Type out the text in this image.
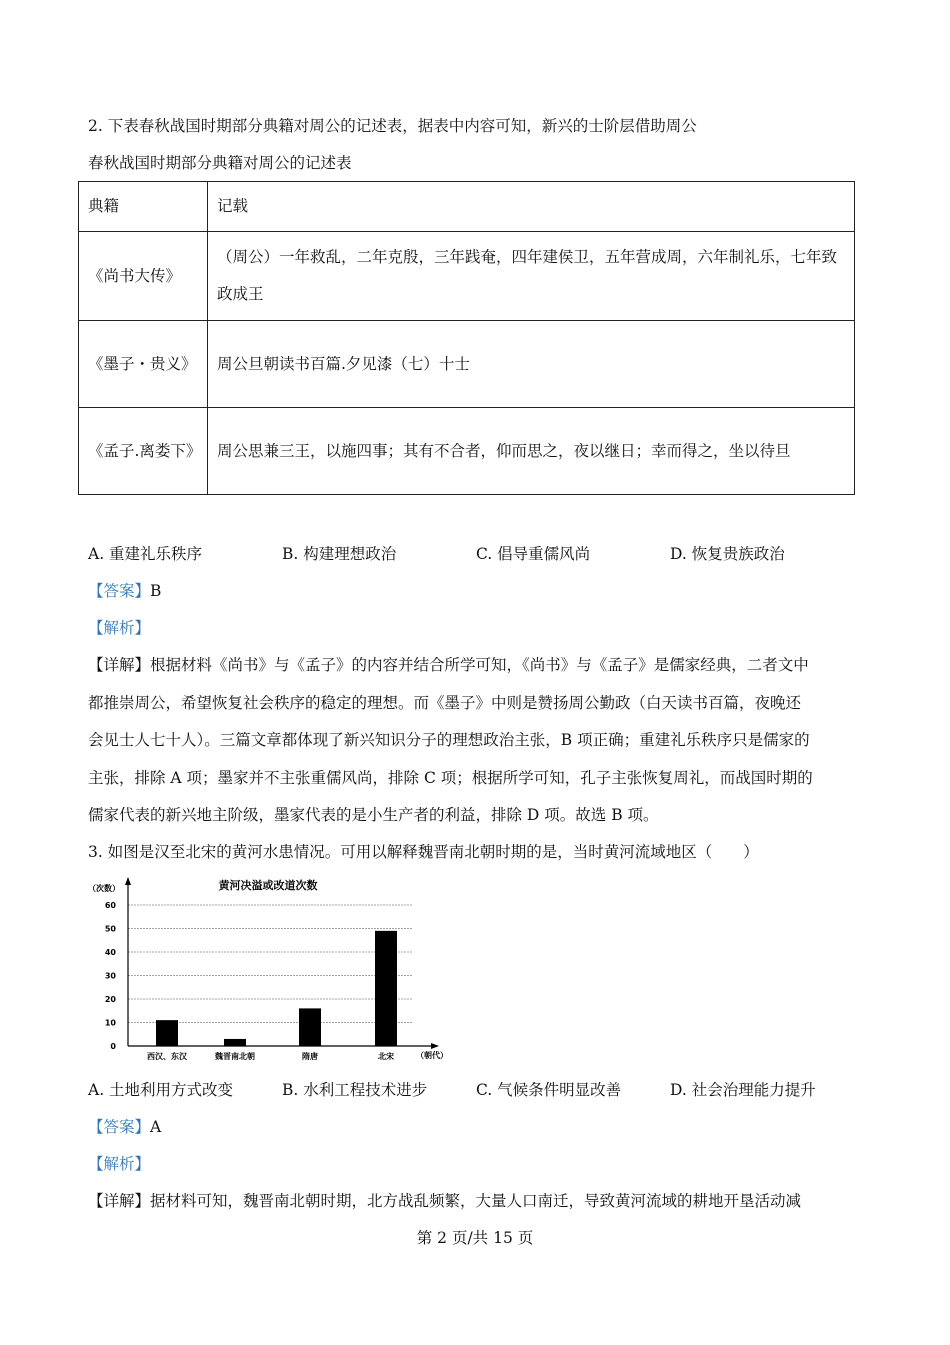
2. 下表春秋战国时期部分典籍对周公的记述表，据表中内容可知，新兴的士阶层借助周公
春秋战国时期部分典籍对周公的记述表
典籍	记载
《尚书大传》	（周公）一年救乱，二年克殷，三年践奄，四年建侯卫，五年营成周，六年制礼乐，七年致政成王
《墨子・贵义》	周公旦朝读书百篇.夕见漆（七）十士
《孟子.离娄下》	周公思兼三王，以施四事；其有不合者，仰而思之，夜以继日；幸而得之，坐以待旦
A. 重建礼乐秩序	B. 构建理想政治	C. 倡导重儒风尚	D. 恢复贵族政治
【答案】B
【解析】
【详解】根据材料《尚书》与《孟子》的内容并结合所学可知，《尚书》与《孟子》是儒家经典，二者文中
都推崇周公，希望恢复社会秩序的稳定的理想。而《墨子》中则是赞扬周公勤政（白天读书百篇，夜晚还
会见士人七十人）。三篇文章都体现了新兴知识分子的理想政治主张，B 项正确；重建礼乐秩序只是儒家的
主张，排除 A 项；墨家并不主张重儒风尚，排除 C 项；根据所学可知，孔子主张恢复周礼，而战国时期的
儒家代表的新兴地主阶级，墨家代表的是小生产者的利益，排除 D 项。故选 B 项。
3. 如图是汉至北宋的黄河水患情况。可用以解释魏晋南北朝时期的是，当时黄河流域地区（　　）
黄河决溢或改道次数
（次数）
（朝代）
0
10
20
30
40
50
60
西汉、东汉	魏晋南北朝	隋唐	北宋
A. 土地利用方式改变	B. 水利工程技术进步	C. 气候条件明显改善	D. 社会治理能力提升
【答案】A
【解析】
【详解】据材料可知，魏晋南北朝时期，北方战乱频繁，大量人口南迁，导致黄河流域的耕地开垦活动减
第 2 页/共 15 页
